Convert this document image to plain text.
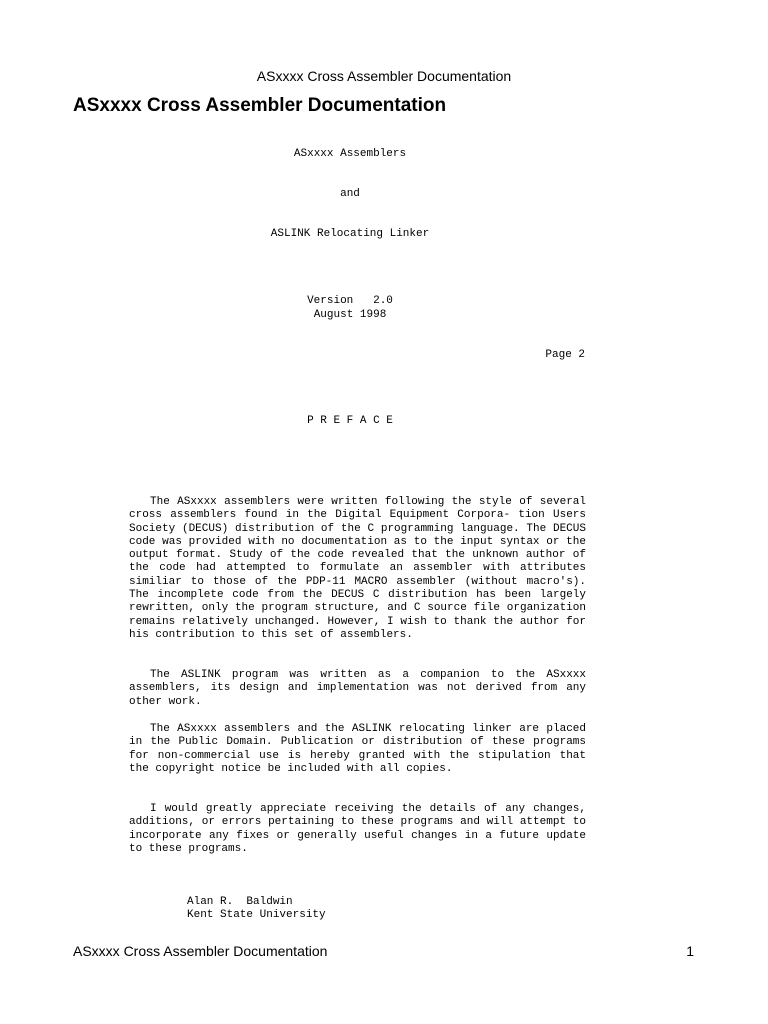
ASxxxx Cross Assembler Documentation
ASxxxx Cross Assembler Documentation
ASxxxx Assemblers
and
ASLINK Relocating Linker
Version   2.0
August 1998
Page 2
P R E F A C E

The ASxxxx assemblers were written following the style of several cross assemblers found in the Digital Equipment Corpora- tion Users Society (DECUS) distribution of the C programming language. The DECUS code was provided with no documentation as to the input syntax or the output format. Study of the code revealed that the unknown author of the code had attempted to formulate an assembler with attributes similiar to those of the PDP-11 MACRO assembler (without macro's). The incomplete code from the DECUS C distribution has been largely rewritten, only the program structure, and C source file organization remains relatively unchanged. However, I wish to thank the author for his contribution to this set of assemblers.

The ASLINK program was written as a companion to the ASxxxx assemblers, its design and implementation was not derived from any other work.

The ASxxxx assemblers and the ASLINK relocating linker are placed in the Public Domain. Publication or distribution of these programs for non-commercial use is hereby granted with the stipulation that the copyright notice be included with all copies.

I would greatly appreciate receiving the details of any changes, additions, or errors pertaining to these programs and will attempt to incorporate any fixes or generally useful changes in a future update to these programs.

Alan R.  Baldwin
Kent State University
ASxxxx Cross Assembler Documentation	1
